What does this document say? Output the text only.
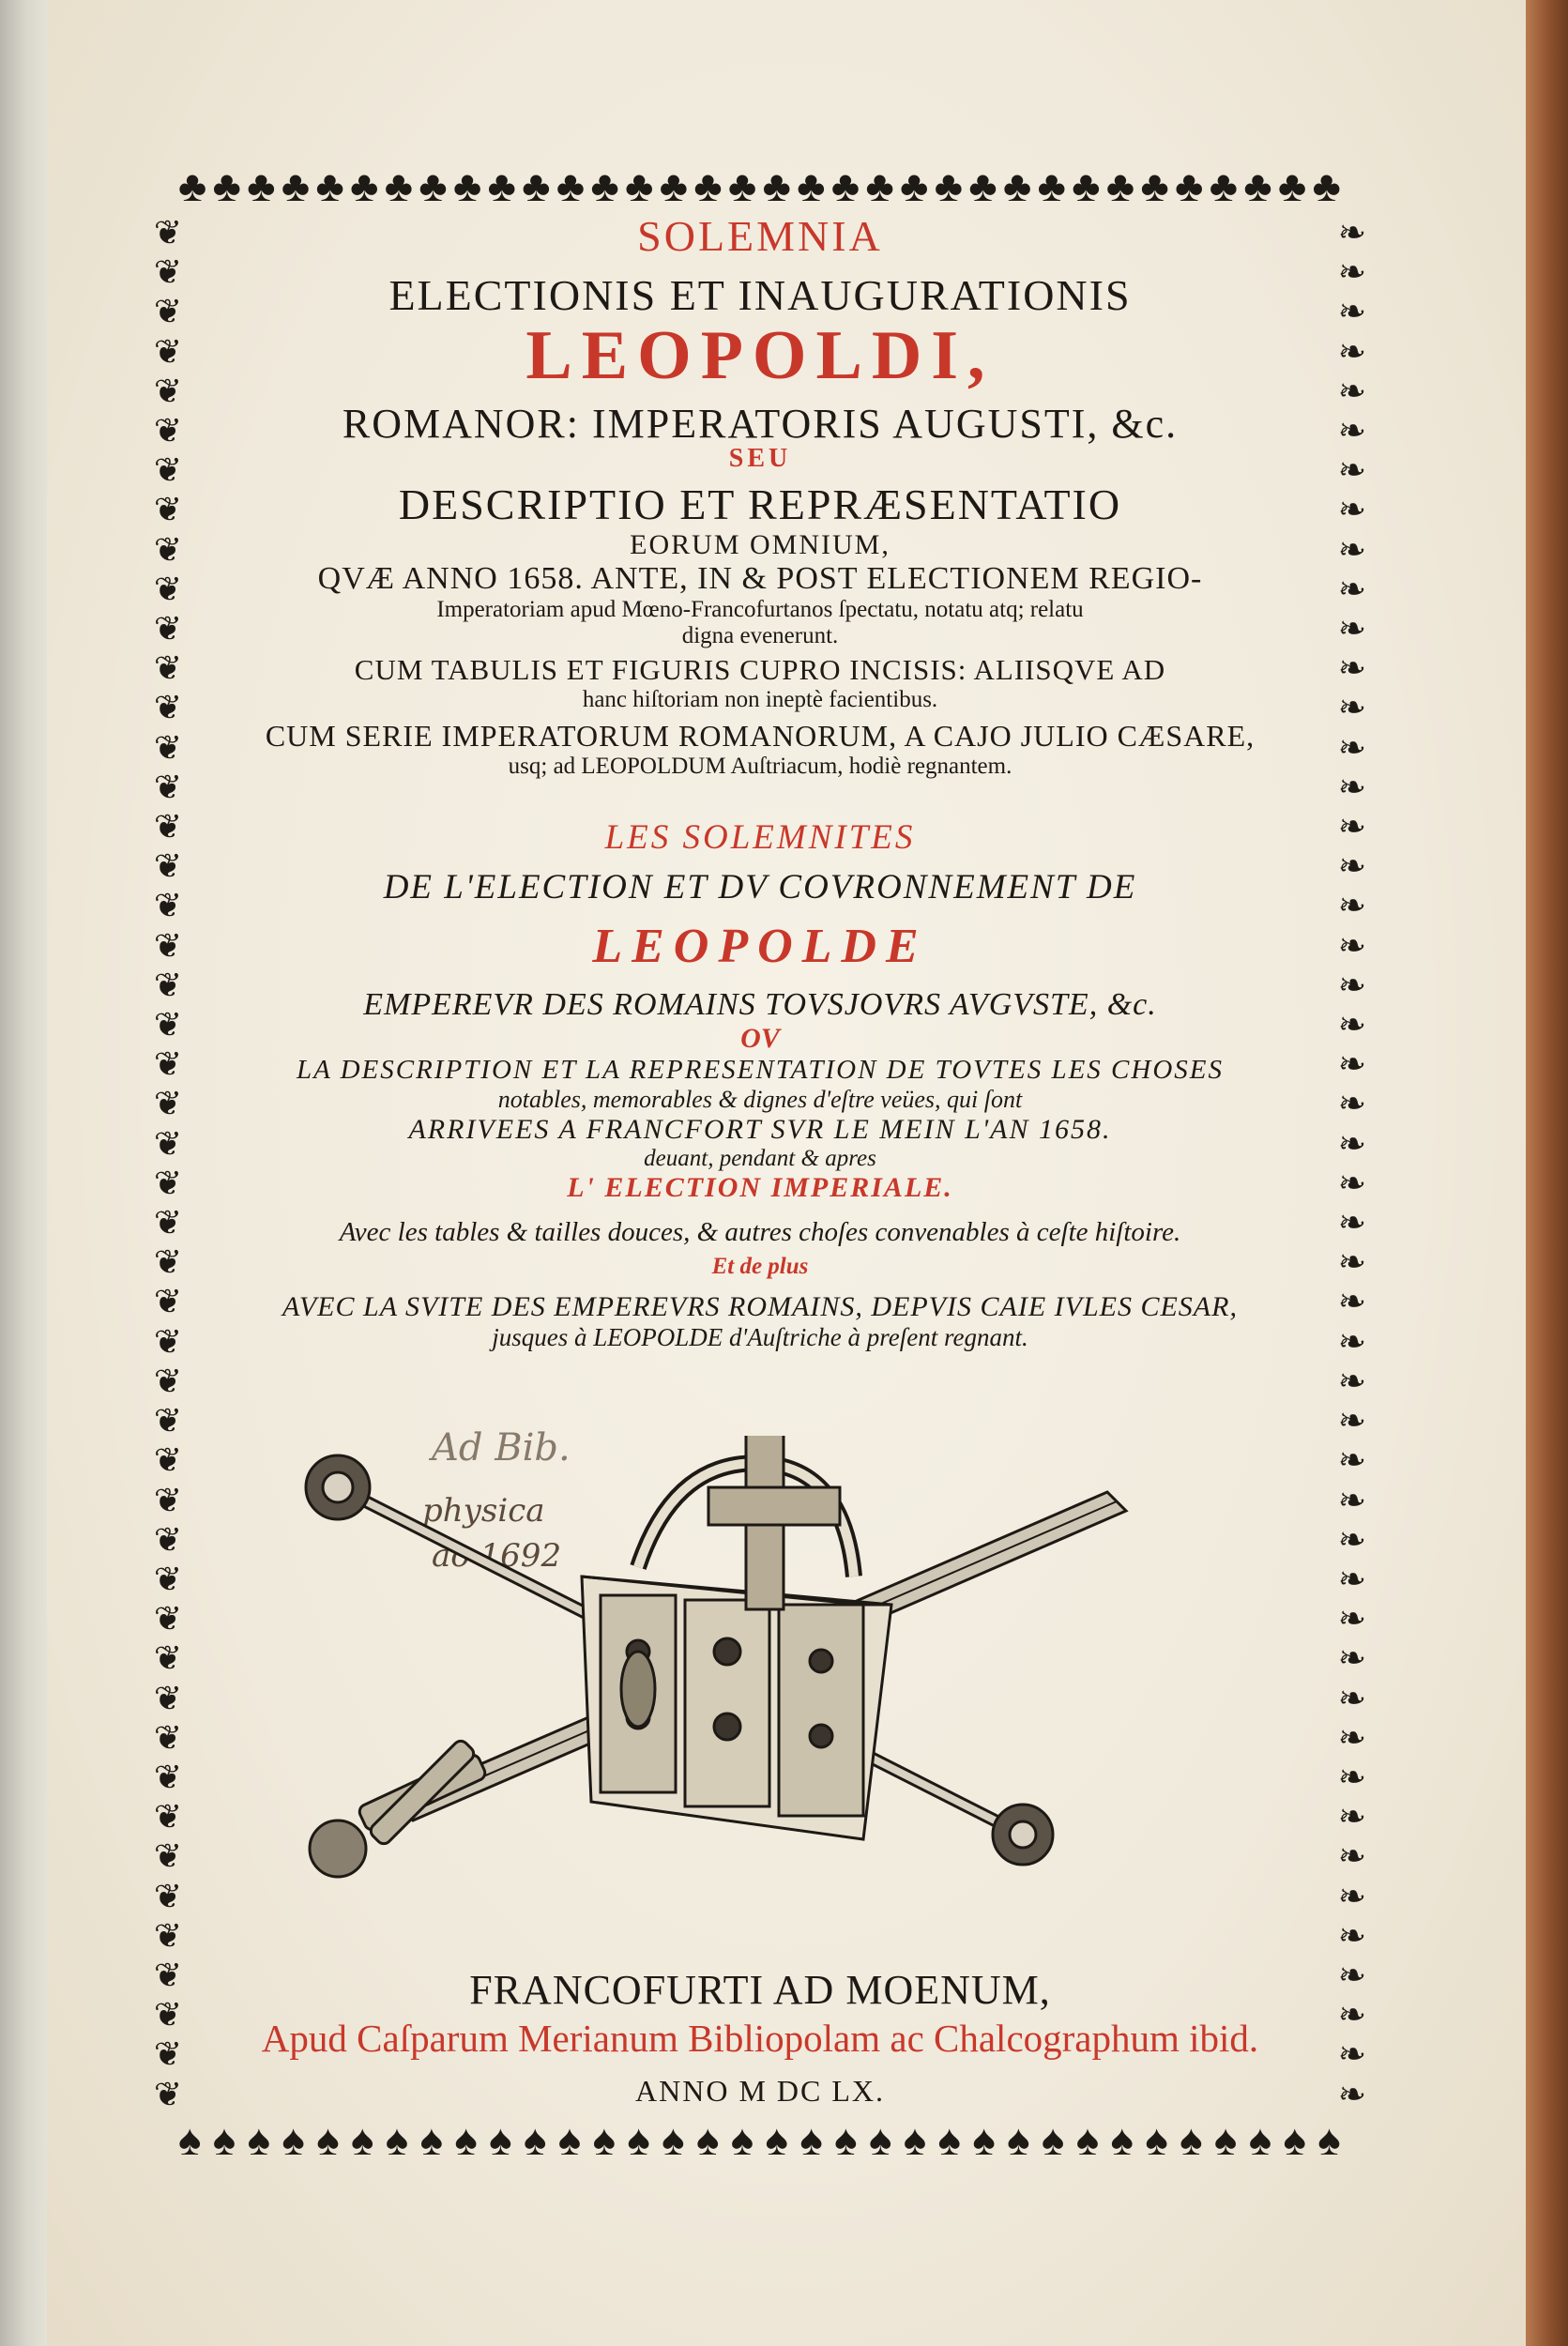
♣ ♣ ♣ ♣ ♣ ♣ ♣ ♣ ♣ ♣ ♣ ♣ ♣ ♣ ♣ ♣ ♣ ♣ ♣ ♣ ♣ ♣ ♣ ♣ ♣ ♣ ♣ ♣ ♣ ♣ ♣ ♣ ♣ ♣
♠ ♠ ♠ ♠ ♠ ♠ ♠ ♠ ♠ ♠ ♠ ♠ ♠ ♠ ♠ ♠ ♠ ♠ ♠ ♠ ♠ ♠ ♠ ♠ ♠ ♠ ♠ ♠ ♠ ♠ ♠ ♠ ♠ ♠
❦
❦
❦
❦
❦
❦
❦
❦
❦
❦
❦
❦
❦
❦
❦
❦
❦
❦
❦
❦
❦
❦
❦
❦
❦
❦
❦
❦
❦
❦
❦
❦
❦
❦
❦
❦
❦
❦
❦
❦
❦
❦
❦
❦
❦
❦
❦
❦
❧
❧
❧
❧
❧
❧
❧
❧
❧
❧
❧
❧
❧
❧
❧
❧
❧
❧
❧
❧
❧
❧
❧
❧
❧
❧
❧
❧
❧
❧
❧
❧
❧
❧
❧
❧
❧
❧
❧
❧
❧
❧
❧
❧
❧
❧
❧
❧
SOLEMNIA
ELECTIONIS ET INAUGURATIONIS
LEOPOLDI,
ROMANOR: IMPERATORIS AUGUSTI, &c.
SEU
DESCRIPTIO ET REPRÆSENTATIO
EORUM OMNIUM,
QVÆ ANNO 1658. ANTE, IN & POST ELECTIONEM REGIO-
Imperatoriam apud Mœno-Francofurtanos ſpectatu, notatu atq; relatu
digna evenerunt.
CUM TABULIS ET FIGURIS CUPRO INCISIS: ALIISQVE AD
hanc hiſtoriam non ineptè facientibus.
CUM SERIE IMPERATORUM ROMANORUM, A CAJO JULIO CÆSARE,
usq; ad LEOPOLDUM Auſtriacum, hodiè regnantem.
LES SOLEMNITES
DE L'ELECTION ET DV COVRONNEMENT DE
LEOPOLDE
EMPEREVR DES ROMAINS TOVSJOVRS AVGVSTE, &c.
OV
LA DESCRIPTION ET LA REPRESENTATION DE TOVTES LES CHOSES
notables, memorables & dignes d'eſtre veües, qui ſont
ARRIVEES A FRANCFORT SVR LE MEIN L'AN 1658.
deuant, pendant & apres
L' ELECTION IMPERIALE.
Avec les tables & tailles douces, & autres choſes convenables à ceſte hiſtoire.
Et de plus
AVEC LA SVITE DES EMPEREVRS ROMAINS, DEPVIS CAIE IVLES CESAR,
jusques à LEOPOLDE d'Auſtriche à preſent regnant.
Ad Bib.
physica
ao 1692
FRANCOFURTI AD MOENUM,
Apud Caſparum Merianum Bibliopolam ac Chalcographum ibid.
ANNO M DC LX.
